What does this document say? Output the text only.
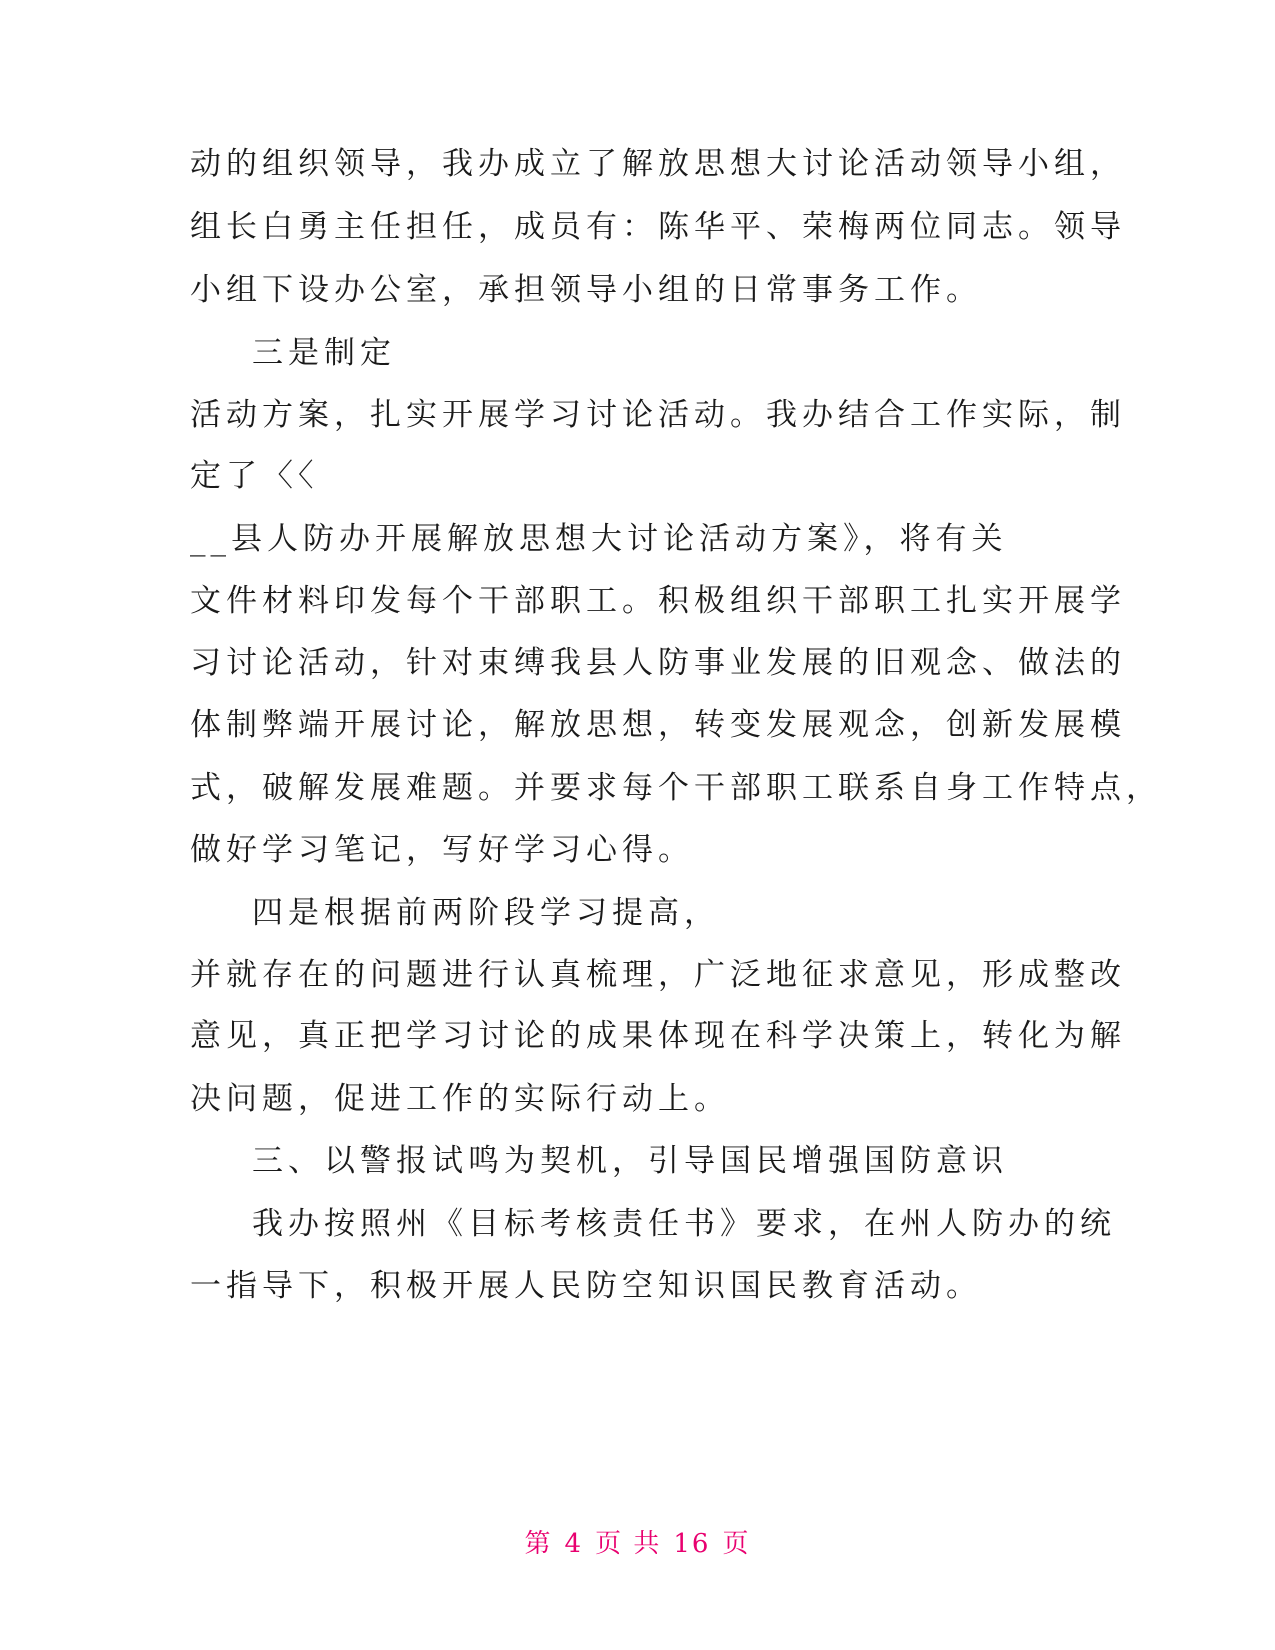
动的组织领导，我办成立了解放思想大讨论活动领导小组，
组长白勇主任担任，成员有：陈华平、荣梅两位同志。领导
小组下设办公室，承担领导小组的日常事务工作。
三是制定
活动方案，扎实开展学习讨论活动。我办结合工作实际，制
定了〈〈
__县人防办开展解放思想大讨论活动方案》，将有关
文件材料印发每个干部职工。积极组织干部职工扎实开展学
习讨论活动，针对束缚我县人防事业发展的旧观念、做法的
体制弊端开展讨论，解放思想，转变发展观念，创新发展模
式，破解发展难题。并要求每个干部职工联系自身工作特点，
做好学习笔记，写好学习心得。
四是根据前两阶段学习提高，
并就存在的问题进行认真梳理，广泛地征求意见，形成整改
意见，真正把学习讨论的成果体现在科学决策上，转化为解
决问题，促进工作的实际行动上。
三、以警报试鸣为契机，引导国民增强国防意识
我办按照州《目标考核责任书》要求，在州人防办的统
一指导下，积极开展人民防空知识国民教育活动。
第 4 页 共 16 页
